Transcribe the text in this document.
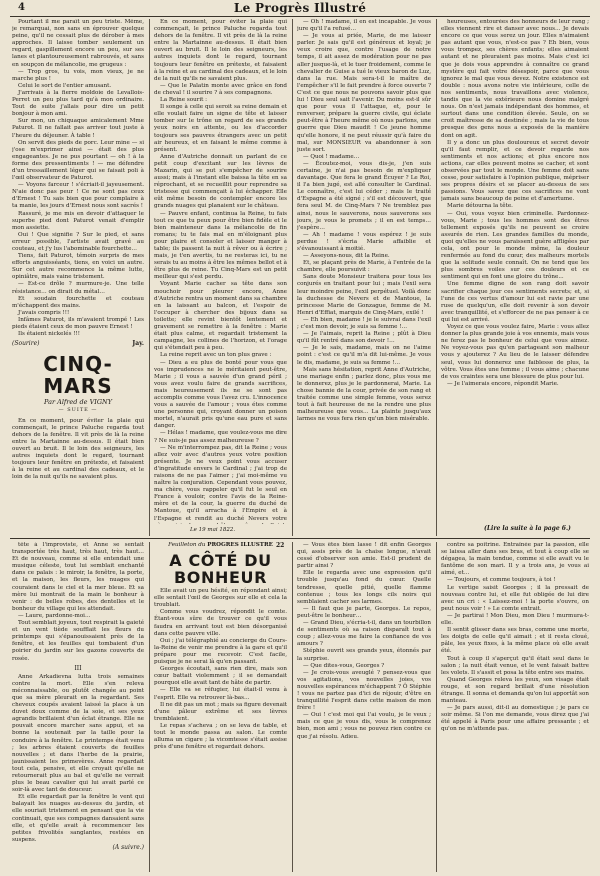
4	Le Progrès Illustré

Pourtant il me paraît un peu triste. Même, je remarquai, non sans en éprouver quelque peine, qu'il ne cessait plus de dérober à mes approches. Il laisse tomber seulement un regard, gaspillement encore un peu, sur ses lanes et plantoureusement rabrouvés, et sans en soupçon de mélancolie, me grugeus :

— Trop gros, tu vois, mon vieux, je ne marche plus !

Celui le sort de l'entier amusant.

J'arrivais à la fierre moldoie de Levallois-Perret un peu plus tard qu'à mon ordinaire. Tout de suite j'allais pour dire un petit bonjour à mon ami.

Sur mon, un chiquaque amicalement Mme Paturot. Il ne fallait pas arriver tout juste à l'heure du déjeuner. À table !

On servit des pieds de porc. Leur mine — si j'ose m'exprimer ainsi — était des plus engageantes. Je ne pus pourtant — oh ! à la forme des pressentiments ! — me défendre d'un tressaillement léger qui se faisait poli à l'œil observateur de Paturot.

— Voyons farceur ! s'écriait-il jayeusement. N'aie donc pas peur ! Ce ne sont pas ceux d'Ernest ! Tu sais bien que pour complaire à ta manie, les jours d'Ernest nous sont sacrés !

Rassuré, je me mis en devoir d'attaquer le superbe pied dont Paturot venait d'emplir mon assiette.

Oui ! Que signifie ? Sur le pied, et sans erreur possible, l'artiste avait gravé au couteau, et j'y lus l'abominable fourchette…

Tiens, fait Paturot, témoin surpris de mes efforts anguisséants, tiens, en voici un autre. Sur cet autre recommence la même lutte, opiniâtre, mais vaine tristement.

— Est-ce drôle ? murmure-je. Une telle résistance… on dirait du métal…

Et soudain fourchette et couteau m'échappent des mains.

J'avais compris !!!

Infâmes Paturot, ils m'avaient trompé ! Les pieds étaient ceux de mon pauvre Ernest !

Ils étaient nickelés !!!

(Sourire)	Jay.
CINQ-MARS
Par Alfred de VIGNY
— SUITE —

En ce moment, pour éviter la plaie qui commençait, le prince Paluche regarda tout dehors de la fenêtre. Il vit près de là la reine entre la Martainne au-dessus. Il était bien ouvert au bruit. Il le loin des seigneurs, les autres inquiets dont le regard, tournant toujours leur fenêtre en prétexte, et faisaient à la reine et au cardinal des cadeaux, et le loin de la nuit qu'ils ne savaient plus.

En ce moment, pour éviter la plaie qui commençait, le prince Paluche regarda tout dehors de la fenêtre. Il vit près de là la reine entre la Martainne au-dessus. Il était bien ouvert au bruit. Il le loin des seigneurs, les autres inquiets dont le regard, tournant toujours leur fenêtre en prétexte, et faisaient à la reine et au cardinal des cadeaux, et le loin de la nuit qu'ils ne savaient plus.

— Que le Palatin monte avec grâce en fond de cheval ! il sourire ? à ses compagnons.

La Reine sourit :

Il songe à celle qui seroit sa reine demain et elle voulait faire un signe de tête et laisser tomber sur le trône un regard de ses grands yeux noirs en attente, ou les d'accorder toujours ses pauvres étrangers avec un petit air heureux, et en faisant le même comme à présent.

Anne d'Autriche donnait un parlant de ce petit coup d'excitant sur les lèvres de Mazarin, qui se put s'empêcher de sourire aussi; mais à l'instant elle baissa la tête en sa réprochant, et se recueillit pour reprendre sa tristesse qui commençait à lui échapper. Elle eût même besoin de contempler encore les grands nuages qui planaient sur le château.

— Pauvre enfant, continua la Reine, tu fais tout ce que tu peux pour être bien fidèle et le bien mainteneur dans la mélancolie de fin romans; tu te fais mal en m'éloignant plus pour plaire et consoler et laisser manger à table; ils passent la nuit à rêver ou à écrire ; mais, je t'en avertis, tu ne resteras ici, tu ne serais tu au moins à être les mêmes bellot et à être plus de reine. Tu Cinq-Mars est un petit meilleur qui s'est perdu.

Voyant Marie cacher sa tête dans son mouchoir pour pleurer encore, Anne d'Autriche rentra un moment dans sa chambre en la laissant au balcon, et l'espoir de l'occuper à chercher des bijoux dans sa toilette; elle revint bientôt lentement et gravement se remettre à la fenêtre : Marie était plus calme, et regardait tristement la campagne, les collines de l'horizon, et l'orage qui s'étendait peu à peu.

La reine reprit avec un ton plus grave :

— Dieu a eu plus de bonté pour vous que vos imprudences ne le méritaient peut-être, Marie ; il vous a sauvée d'un grand péril ; vous avez voulu faire de grands sacrifices, mais heureusement ils ne se sont pas accomplis comme vous l'avez cru. L'innocence vous a sauvée de l'amour ; vous étes comme une personne qui, croyant donner un poison mortel, n'aurait pris qu'une eau pure et sans danger.

— Hélas ! madame, que voulez-vous me dire ? Ne suis-je pas assez malheureuse ?

— Ne m'interrompez pas, dit la Reine ; vous allez voir avec d'autres yeux votre position présente. Je ne veux point vous accuser d'ingratitude envers le Cardinal ; j'ai trop de raisons de ne pas l'aimer ; j'ai moi-même vu naître la conjuration. Cependant vous pouvez, ma chère, vous rappeler qu'il fut le seul en France à vouloir, contre l'avis de la Reine-mère et de la cour, la guerre du duché de Mantoue, qu'il arracha à l'Empire et à l'Espagne et rendit au duché Nevers votre

Le 19 mai 1822.

— Oh ! madame, il en est incapable. Je vous jure qu'il l'a refusé…

— Je vous ai priée, Marie, de me laisser parler. Je sais qu'il est généreux et loyal; je veux croire que, contre l'usage de notre temps, il ait assez de modération pour ne pas aller jusque-là, et le tuer froidement, comme le chevalier de Guise a tué le vieux baron de Luz, dans la rue. Mais sera-t-il le maître de l'empêcher s'il le fait prendre à force ouverte ? C'est ce que nous ne pouvons savoir plus que lui ! Dieu seul sait l'avenir. Du moins est-il sûr que pour vous il l'attaque, et, pour le renverser, prépare la guerre civile, qui éclate peut-être à l'heure même où nous parlons, une guerre que Dieu maudit ! Ce jeune homme qu'elle honore, il ne peut réussir qu'à faire du mal, sur MONSIEUR va abandonner à son juste sort.

— Quoi ! madame…

— Écoutez-moi, vous dis-je, j'en suis certaine, je n'ai pas besoin de m'expliquer davantage. Que fera le grand Écuyer ? Le Roi, il l'a bien jugé, est allé consulter le Cardinal. Le connaître, c'est lui céder ; mais le traité d'Espagne a été signé ; s'il est découvert, que fera seul M. de Cinq-Mars ? Ne tremblez pas ainsi, nous le sauverons, nous sauverons ses jours, je vous le promets ; il en est temps… j'espère…

— Ah ! madame ! vous espérez ! je suis perdue ! s'écria Marie affaiblie et s'évanouissant à moitié.

— Asseyons-nous, dit la Reine.

Et, se plaçant près de Marie, à l'entrée de la chambre, elle poursuivit :

Sans doute Monsieur traitera pour tous les conjurés en traitant pour lui ; mais l'exil sera leur moindre peine, l'exil perpétuel. Voilà donc la duchesse de Nevers et de Mantoue, la princesse Marie de Gonzague, femme de M. Henri d'Effiat, marquis de Cinq-Mars, exilé !

— Eh bien, madame ! je le suivrai dans l'exil ; c'est mon devoir, je suis sa femme !…

— Je l'aimais, reprit la Reine ; plût à Dieu qu'il fût rentré dans son devoir !…

— Je le sais, madame, mais on ne l'aime point : c'est ce qu'il m'a dit lui-même. Je vous le dis, madame, je suis sa femme !…

Mais sans hésitation, reprit Anne d'Autriche, une mariage enfin ; parlez donc, plus vous me le donnerez, plus je le pardonnerai, Marie. La chose bannie de la cour, privée de son rang et traitée comme une simple femme, vous serez tout à fait heureuse de ne la rendre une plus malheureuse que vous… La plainte jusqu'aux larmes ne vous fera rien qu'un bien misérable.

heureuses, entourées des honneurs de leur rang ; elles viennent rire et danser avec nous… Je devais encore ce que vous serez un jour. Elles n'aimaient pas autant que vous, n'est-ce pas ? Eh bien, vous vous trompez, ses chères enfants; elles aimaient autant et ne pleuraient pas moins. Mais c'est ici que je dois vous apprendre à connaître ce grand mystère qui fait votre désespoir, parce que vous ignorez le mal que vous devez. Notre existence est double : nous avons notre vie intérieure, celle de nos sentiments, nous travaillons avec violence, tandis que la vie extérieure nous domine malgré nous. On n'est jamais indépendant des hommes, et surtout dans une condition élevée. Seule, on se croit maîtresse de sa destinée ; mais la vie de tous presque des gens nous a exposés de la manière dont on agit.

Il y a donc un plus douloureux et secret devoir qu'il faut remplir, et ce devoir regarde nos sentiments et nos actions; et plus encore nos actions, car elles peuvent moins se cacher, et sont observées par tout le monde. Une femme doit sans cesse, pour satisfaire à l'opinion publique, mépriser ses propres désirs et se placer au-dessus de ses passions. Vous savez que ces sacrifices ne vont jamais sans beaucoup de peine et d'amertume.

Marie détourna la tête.

— Oui, vous voyez bien criminelle. Pardonnez-vous, Marie ; tous les hommes sont des êtres tellement exposés qu'ils ne peuvent se croire assurés de rien. Les grandes familles du monde, quoi qu'elles ne vous paraissent guère affligées par cela, ont pour le monde même, la douleur renfermée au fond du cœur, des malheurs mortels que la solitude seule connaît. On ne tend que les plus sombres voiles sur ces douleurs et ce sentiment qui en font une gloire du trône...

Une femme digne de son rang doit savoir sacrifier chaque jour ces sentiments secrets; et, si l'une de ces vertus d'amour lui est ravie par une ruse de quelqu'un, elle doit revenir à son devoir avec tranquillité, et s'efforcer de ne pas penser à ce qui lui est arrivé.

Voyez ce que vous voulez faire, Marie : vous allez donner la plus grande joie à vos ennemis, mais vous ne ferez pas le bonheur de celui que vous aimez. Ne voyez-vous pas qu'en partageant son malheur vous y ajouterez ? Au lieu de le laisser défendre seul, vous lui donnerez une faiblesse de plus, la vôtre. Vous êtes une femme ; il vous aime ; chacune de vos craintes sera une blessure de plus pour lui.

— Je l'aimerais encore, répondit Marie.

(Lire la suite à la page 6.)

tête à l'improviste, et Anne se sentait transportée très haut, très haut, très haut… Et de nouveau, comme si elle entendait une musique céleste, tout lui semblait enchanté dans ce palais : le miroir, la fenêtre, la porte, et la maison, les fleurs, les nuages qui couraient dans le ciel et la mer bleue. Et sa mère lui montrait de la main le bonheur à venir : de belles robes, des dentelles et le bonheur du village qui les attendait.

— Laure, pardonne-moi…

Tout semblait joyeux, tout respirait la gaieté et un vent tiède soufflait les fleurs du printemps qui s'épanouissaient près de la fenêtre, et les feuilles qui tombaient d'un poirier du jardin sur les gazons couverts de rosée.

III

Anne Arkadievna lutta trois semaines contre la mort. Elle s'en releva méconnaissable, ou plutôt changée au point que sa mère pleurait en la regardant. Ses cheveux coupés avaient laissé la place à un duvet doux comme de la soie, et ses yeux agrandis brillaient d'un éclat étrange. Elle ne pouvait encore marcher sans appui, et sa bonne la soutenait par la taille pour la conduire à la fenêtre. Le printemps était venu ; les arbres étaient couverts de feuilles nouvelles ; et dans l'herbe de la prairie, jaunissaient les primevères. Anne regardait tout cela, pensive, et elle croyait qu'elle ne retournerait plus au bal et qu'elle ne verrait plus le beau cavalier qui lui avait parlé ce soir-là avec tant de douceur.

Et elle regardait par la fenêtre le vent qui balayait les nuages au-dessus du jardin, et elle souriait tristement en pensant que la vie continuait, que ses compagnes dansaient sans elle, et qu'elle avait à recommencer les petites frivolités sanglantes, restées en suspens.

(A suivre.)
Feuilleton du PROGRÈS ILLUSTRÉ
A CÔTÉ DU BONHEUR

Elle avait un peu hésité, en répondant ainsi; elle sentait l'œil de Georges sur elle et cela la troublait.

Comme vous voudrez, répondit le comte. Étant-vous sûre de trouver ce qu'il vous faudra en arrivant tout est bien désorganisé dans cette pauvre ville.

Oui ; j'ai télégraphié au concierge du Cours-la-Reine de venir me prendre à la gare et qu'il prépare pour me recevoir. C'est facile, puisque je ne serai là qu'en passant.

Georges écoutait, sans rien dire, mais son cœur battait violemment ; il se demandait pourquoi elle avait tant de hâte de partir.

— Elle va se réfugier, lui était-il venu à l'esprit. Elle va retrouver là-bas…

Il ne dit pas un mot ; mais sa figure devenait d'une pâleur extrême et ses lèvres tremblaient.

Le repas s'acheva ; on se leva de table, et tout le monde passa au salon. Le comte alluma un cigare ; la vicomtesse s'était assise près d'une fenêtre et regardait dehors.

22	— Vous êtes bien lasse ! dit enfin Georges qui, assis près de la chaise longue, n'avait cessé d'observer son amie. Est-il prudent de partir ainsi ?

Elle le regarda avec une expression qu'il trouble jusqu'au fond du cœur. Quelle tendresse, quelle pitié, quelle flamme contenue ; tous les longs cils noirs qui semblaient cacher ses larmes.

— Il faut que je parte, Georges. Le repos, peut-être le bonheur…

— Grand Dieu, s'écria-t-il, dans un tourbillon de sentiments où sa raison disparaît tout à coup ; allez-vous me faire la confiance de vos amours ?

Stéphie ouvrit ses grands yeux, étonnés par la surprise.

— Que dites-vous, Georges ?

— Je crois-vous aveuglé ? pensez-vous que vos agitations, vos nouvelles joies, vos nouvelles espérances m'échappent ? Ô Stéphie ! vous ne partez pas d'ici de réjouir, d'être en tranquillité l'esprit dans cette maison de mon frère !

— Oui ! c'est moi qui l'ai voulu, je le veux ; mais ce que je vous dis, vous le comprenez bien, mon ami ; vous ne pouvez rien contre ce que j'ai résolu. Adieu.

contre sa poitrine. Entraînée par la passion, elle se laissa aller dans ses bras, et tout à coup elle se dégagea, la main tendue, comme si elle avait vu le fantôme de son mari. Il y a trois ans, je vous ai aimé, et…

— Toujours, et comme toujours, à toi !

Le vertige saisit Georges ; il la pressait de nouveau contre lui, et elle fut obligée de lui dire avec un cri : « Laissez-moi ! la porte s'ouvre, on peut nous voir ! » Le comte entrait.

— Je partirai ! Mon Dieu, mon Dieu ! murmura-t-elle.

Il sentit glisser dans ses bras, comme une morte, les doigts de celle qu'il aimait ; et il resta cloué, pâle, les yeux fixes, à la même place où elle avait été.

Tout à coup il s'aperçut qu'il était seul dans le salon ; la nuit était venue, et le vent faisait battre les volets. Il s'assit et posa la tête entre ses mains.

Quand Georges releva les yeux, son visage était rouge, et son regard brillait d'une résolution étrange. Il sonna et demanda qu'on lui apportât son manteau.

— Je pars aussi, dit-il au domestique ; je pars ce soir même. Si l'on me demande, vous direz que j'ai été appelé à Paris pour une affaire pressante ; et qu'on ne m'attende pas.
